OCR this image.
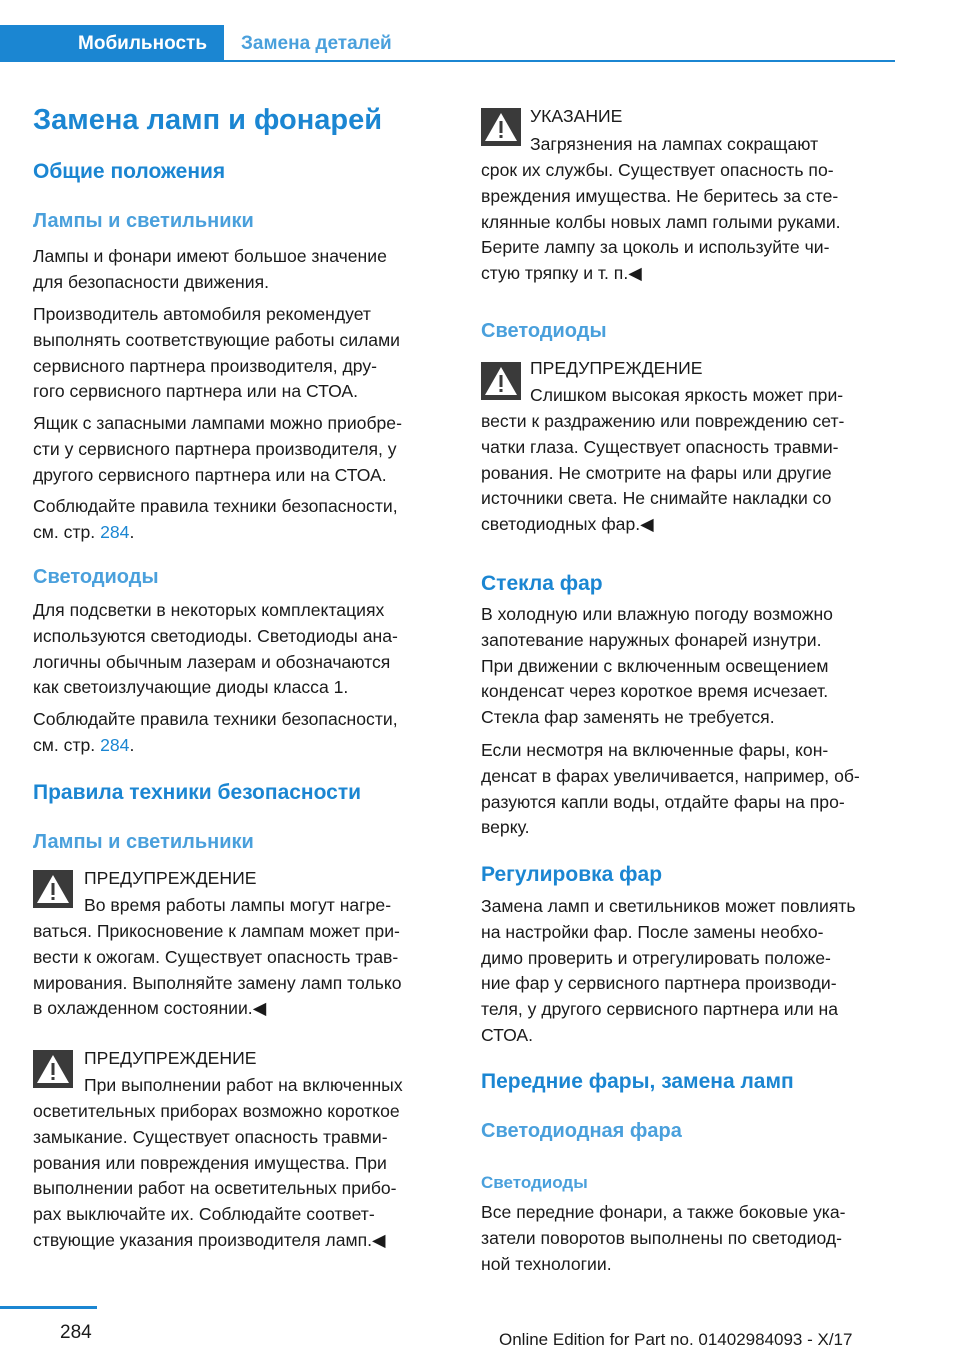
Мобильность	Замена деталей
Замена ламп и фонарей
Общие положения
Лампы и светильники
Лампы и фонари имеют большое значение
для безопасности движения.
Производитель автомобиля рекомендует
выполнять соответствующие работы силами
сервисного партнера производителя, дру‐
гого сервисного партнера или на СТОА.
Ящик с запасными лампами можно приобре‐
сти у сервисного партнера производителя, у
другого сервисного партнера или на СТОА.
Соблюдайте правила техники безопасности,
см. стр. 284.
Светодиоды
Для подсветки в некоторых комплектациях
используются светодиоды. Светодиоды ана‐
логичны обычным лазерам и обозначаются
как светоизлучающие диоды класса 1.
Соблюдайте правила техники безопасности,
см. стр. 284.
Правила техники безопасности
Лампы и светильники
ПРЕДУПРЕЖДЕНИЕ
Во время работы лампы могут нагре‐
ваться. Прикосновение к лампам может при‐
вести к ожогам. Существует опасность трав‐
мирования. Выполняйте замену ламп только
в охлажденном состоянии.◀
ПРЕДУПРЕЖДЕНИЕ
При выполнении работ на включенных
осветительных приборах возможно короткое
замыкание. Существует опасность травми‐
рования или повреждения имущества. При
выполнении работ на осветительных прибо‐
рах выключайте их. Соблюдайте соответ‐
ствующие указания производителя ламп.◀
УКАЗАНИЕ
Загрязнения на лампах сокращают
срок их службы. Существует опасность по‐
вреждения имущества. Не беритесь за сте‐
клянные колбы новых ламп голыми руками.
Берите лампу за цоколь и используйте чи‐
стую тряпку и т. п.◀
Светодиоды
ПРЕДУПРЕЖДЕНИЕ
Слишком высокая яркость может при‐
вести к раздражению или повреждению сет‐
чатки глаза. Существует опасность травми‐
рования. Не смотрите на фары или другие
источники света. Не снимайте накладки со
светодиодных фар.◀
Стекла фар
В холодную или влажную погоду возможно
запотевание наружных фонарей изнутри.
При движении с включенным освещением
конденсат через короткое время исчезает.
Стекла фар заменять не требуется.
Если несмотря на включенные фары, кон‐
денсат в фарах увеличивается, например, об‐
разуются капли воды, отдайте фары на про‐
верку.
Регулировка фар
Замена ламп и светильников может повлиять
на настройки фар. После замены необхо‐
димо проверить и отрегулировать положе‐
ние фар у сервисного партнера производи‐
теля, у другого сервисного партнера или на
СТОА.
Передние фары, замена ламп
Светодиодная фара
Светодиоды
Все передние фонари, а также боковые ука‐
затели поворотов выполнены по светодиод‐
ной технологии.
284	Online Edition for Part no. 01402984093 - X/17
